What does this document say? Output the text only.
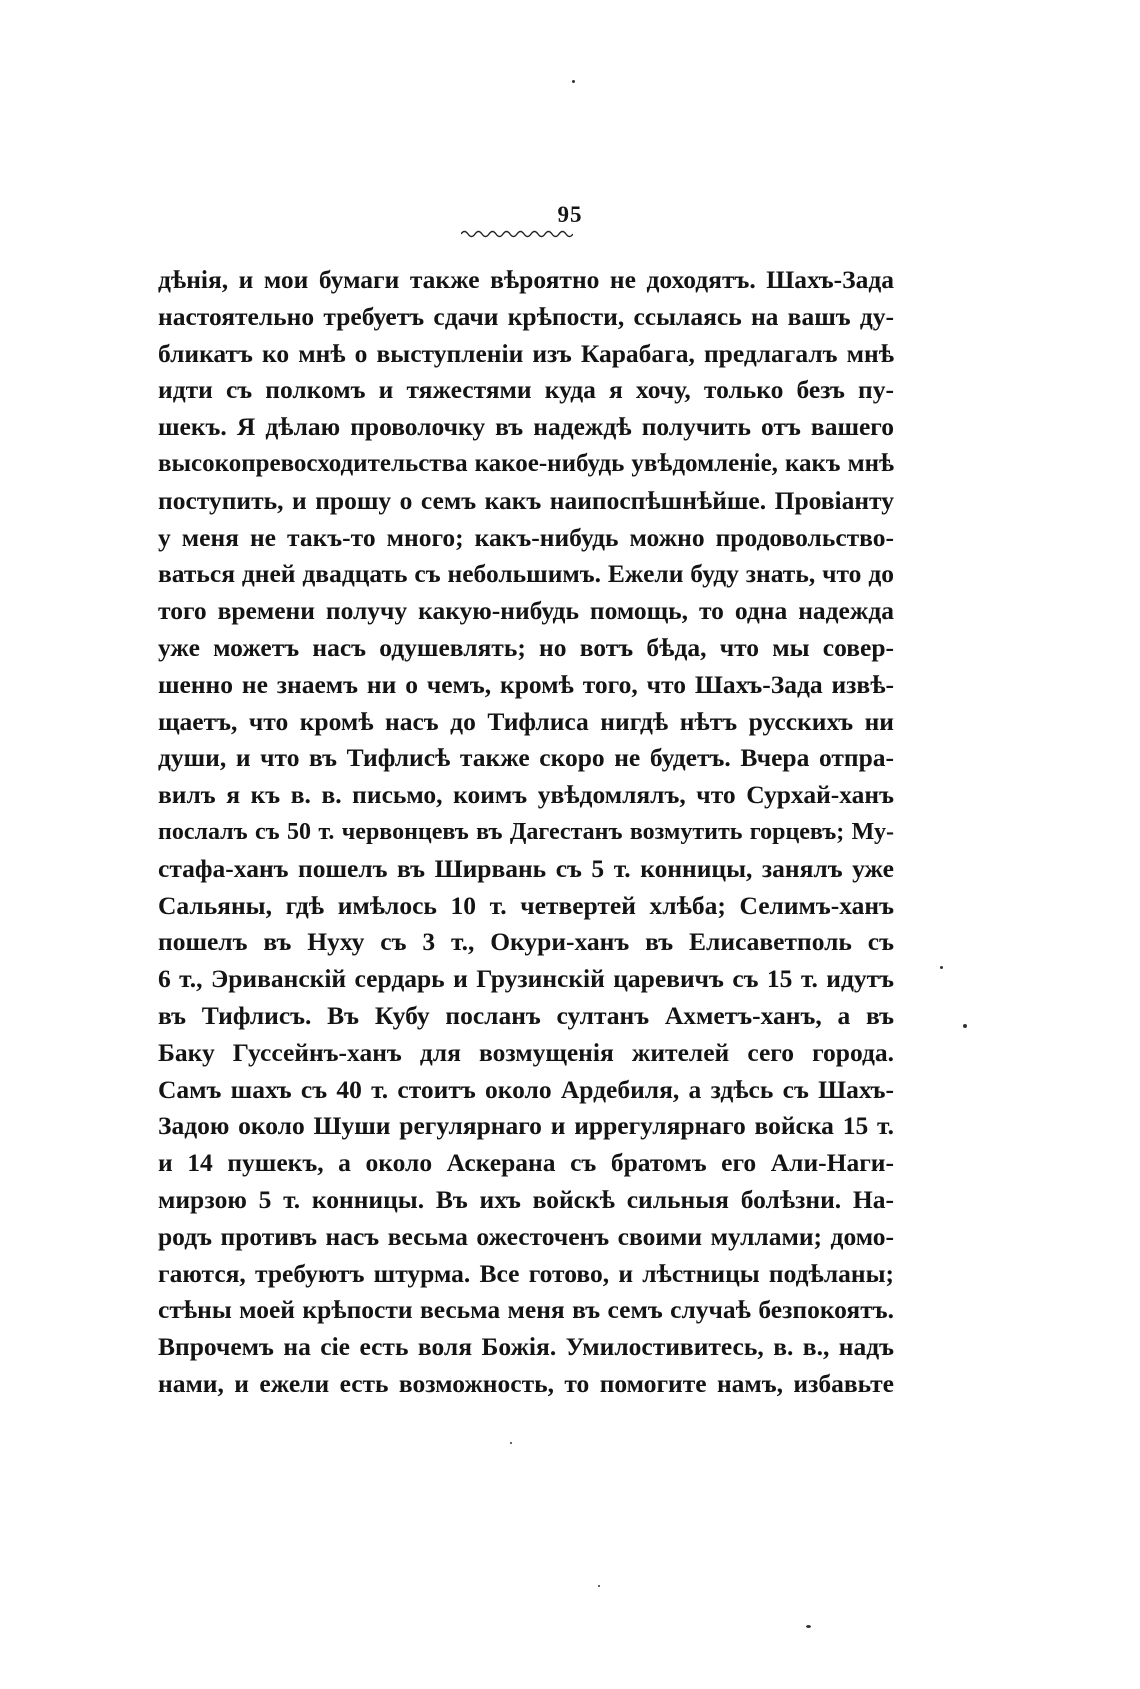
95
дѣнія, и мои бумаги также вѣроятно не доходятъ. Шахъ-Зада
настоятельно требуетъ сдачи крѣпости, ссылаясь на вашъ ду-
бликатъ ко мнѣ о выступленіи изъ Карабага, предлагалъ мнѣ
идти съ полкомъ и тяжестями куда я хочу, только безъ пу-
шекъ. Я дѣлаю проволочку въ надеждѣ получить отъ вашего
высокопревосходительства какое-нибудь увѣдомленіе, какъ мнѣ
поступить, и прошу о семъ какъ наипоспѣшнѣйше. Провіанту
у меня не такъ-то много; какъ-нибудь можно продовольство-
ваться дней двадцать съ небольшимъ. Ежели буду знать, что до
того времени получу какую-нибудь помощь, то одна надежда
уже можетъ насъ одушевлять; но вотъ бѣда, что мы совер-
шенно не знаемъ ни о чемъ, кромѣ того, что Шахъ-Зада извѣ-
щаетъ, что кромѣ насъ до Тифлиса нигдѣ нѣтъ русскихъ ни
души, и что въ Тифлисѣ также скоро не будетъ. Вчера отпра-
вилъ я къ в. в. письмо, коимъ увѣдомлялъ, что Сурхай-ханъ
послалъ съ 50 т. червонцевъ въ Дагестанъ возмутить горцевъ; Му-
стафа-ханъ пошелъ въ Ширвань съ 5 т. конницы, занялъ уже
Сальяны, гдѣ имѣлось 10 т. четвертей хлѣба; Селимъ-ханъ
пошелъ въ Нуху съ 3 т., Окури-ханъ въ Елисаветполь съ
6 т., Эриванскій сердарь и Грузинскій царевичъ съ 15 т. идутъ
въ Тифлисъ. Въ Кубу посланъ султанъ Ахметъ-ханъ, а въ
Баку Гуссейнъ-ханъ для возмущенія жителей сего города.
Самъ шахъ съ 40 т. стоитъ около Ардебиля, а здѣсь съ Шахъ-
Задою около Шуши регулярнаго и иррегулярнаго войска 15 т.
и 14 пушекъ, а около Аскерана съ братомъ его Али-Наги-
мирзою 5 т. конницы. Въ ихъ войскѣ сильныя болѣзни. На-
родъ противъ насъ весьма ожесточенъ своими муллами; домо-
гаются, требуютъ штурма. Все готово, и лѣстницы подѣланы;
стѣны моей крѣпости весьма меня въ семъ случаѣ безпокоятъ.
Впрочемъ на сіе есть воля Божія. Умилостивитесь, в. в., надъ
нами, и ежели есть возможность, то помогите намъ, избавьте
